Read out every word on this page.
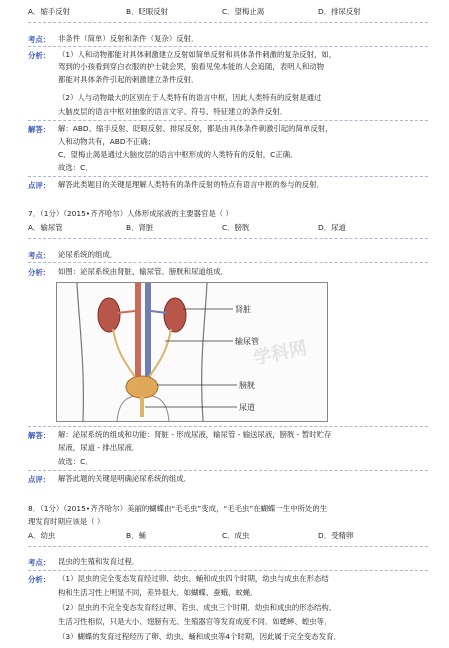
A．缩手反射	B．眨眼反射	C．望梅止渴	D．排尿反射
考点： 非条件（简单）反射和条件（复杂）反射．
分析： （1）人和动物都能对具体刺激建立反射如简单反射和具体条件刺激的复杂反射，如，
驾到的小孩看到穿白衣服的护士就会哭，狼看见兔本能的人会追随，表明人和动物
都能对具体条件引起的刺激建立条件反射．
（2）人与动物最大的区别在于人类特有的语言中枢，因此人类特有的反射是通过
大脑皮层的语言中枢对抽象的语言文字、符号、特征建立的条件反射．
解答： 解：ABD、缩手反射、眨眼反射、排尿反射，都是由具体条件刺激引起的简单反射，
人和动物共有，ABD不正确；
C、望梅止渴是通过大脑皮层的语言中枢形成的人类特有的反射，C正确．
故选：C．
点评： 解答此类题目的关键是理解人类特有的条件反射的特点有语言中枢的参与的反射．
7．（1分）（2015•齐齐哈尔）人体形成尿液的主要器官是（ ）
A．输尿管	B．肾脏	C．膀胱	D．尿道
考点： 泌尿系统的组成．
分析： 如图：泌尿系统由肾脏、输尿管、膀胱和尿道组成．
肾脏
输尿管
膀胱
尿道
学科网
解答： 解：泌尿系统的组成和功能：肾脏 - 形成尿液，输尿管 - 输送尿液，膀胱 - 暂时贮存
尿液，尿道 - 排出尿液．
故选：C．
点评： 解答此题的关键是明确泌尿系统的组成．
8．（1分）（2015•齐齐哈尔）美丽的蝴蝶由“毛毛虫”变成，“毛毛虫”在蝴蝶一生中所处的生
理发育时期应该是（ ）
A．幼虫	B．蛹	C．成虫	D．受精卵
考点： 昆虫的生殖和发育过程．
分析： （1）昆虫的完全变态发育经过卵、幼虫、蛹和成虫四个时期，幼虫与成虫在形态结
构和生活习性上明显不同，差异很大．如蝴蝶、蚕蛾、蚊蝇．
（2）昆虫的不完全变态发育经过卵、若虫、成虫三个时期．幼虫和成虫的形态结构、
生活习性相似，只是大小、翅膀有无、生殖器官等发育成度不同．如蟋蟀、蝗虫等．
（3）蝴蝶的发育过程经历了卵、幼虫、蛹和成虫等4个时期，因此属于完全变态发育．
